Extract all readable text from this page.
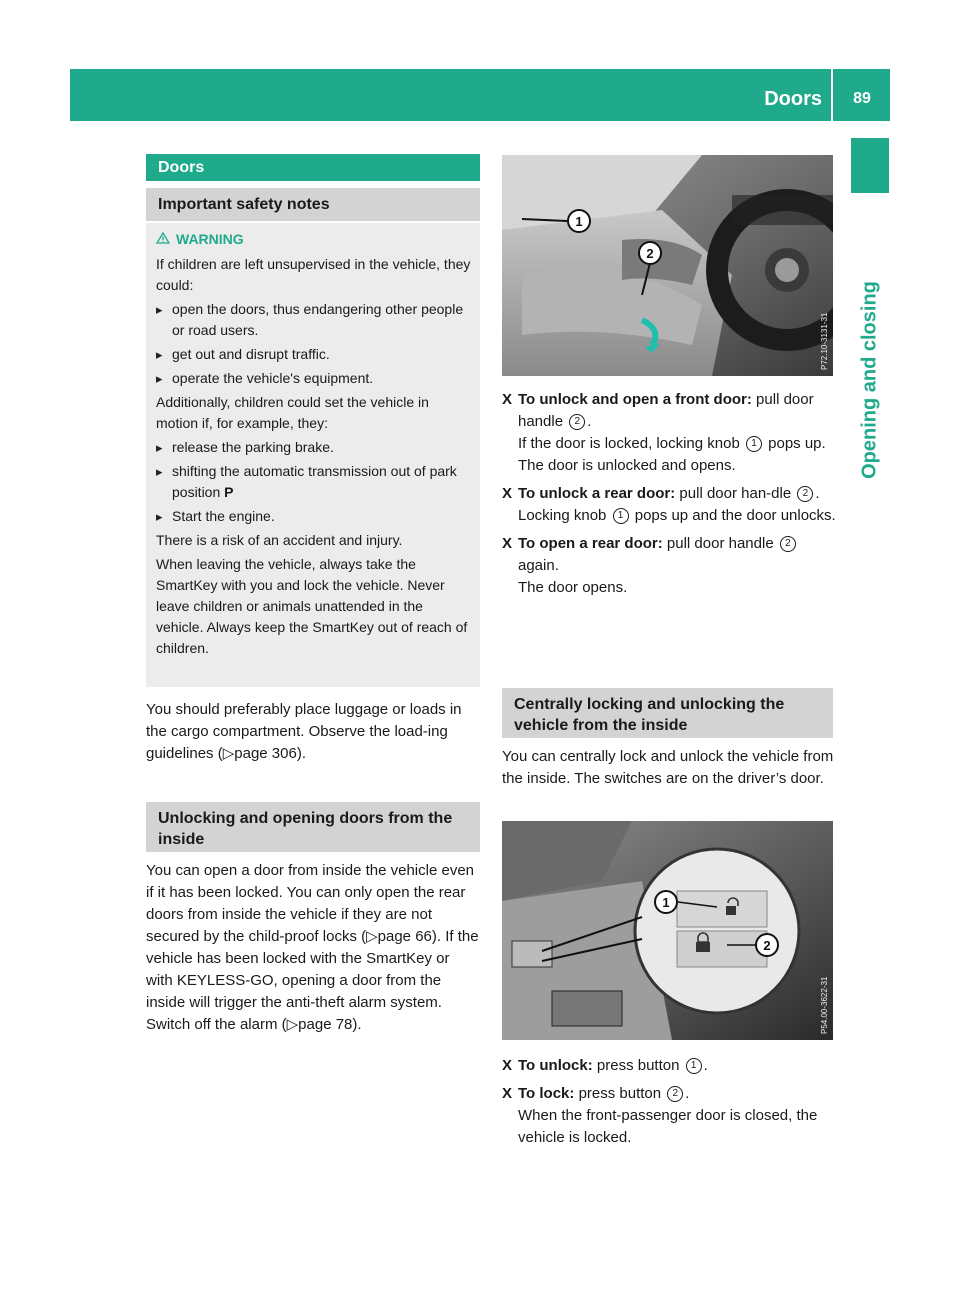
Doors	89
Opening and closing
Doors
Important safety notes
WARNING

If children are left unsupervised in the vehicle, they could:

▸ open the doors, thus endangering other people or road users.
▸ get out and disrupt traffic.
▸ operate the vehicle's equipment.

Additionally, children could set the vehicle in motion if, for example, they:

▸ release the parking brake.
▸ shifting the automatic transmission out of park position P
▸ Start the engine.

There is a risk of an accident and injury.

When leaving the vehicle, always take the SmartKey with you and lock the vehicle. Never leave children or animals unattended in the vehicle. Always keep the SmartKey out of reach of children.

You should preferably place luggage or loads in the cargo compartment. Observe the load-ing guidelines (▷page 306).
Unlocking and opening doors from the inside
You can open a door from inside the vehicle even if it has been locked. You can only open the rear doors from inside the vehicle if they are not secured by the child-proof locks (▷page 66). If the vehicle has been locked with the SmartKey or with KEYLESS-GO, opening a door from the inside will trigger the anti-theft alarm system. Switch off the alarm (▷page 78).
1
2
P72.10-3131-31
X To unlock and open a front door: pull door handle 2 .
If the door is locked, locking knob 1 pops up. The door is unlocked and opens.
X To unlock a rear door: pull door han-dle 2 .
Locking knob 1 pops up and the door unlocks.
X To open a rear door: pull door handle 2
again.
The door opens.
Centrally locking and unlocking the vehicle from the inside
You can centrally lock and unlock the vehicle from the inside. The switches are on the driver’s door.
1
2
P54.00-3622-31
X To unlock: press button 1 .
X To lock: press button 2 .
When the front-passenger door is closed, the vehicle is locked.
